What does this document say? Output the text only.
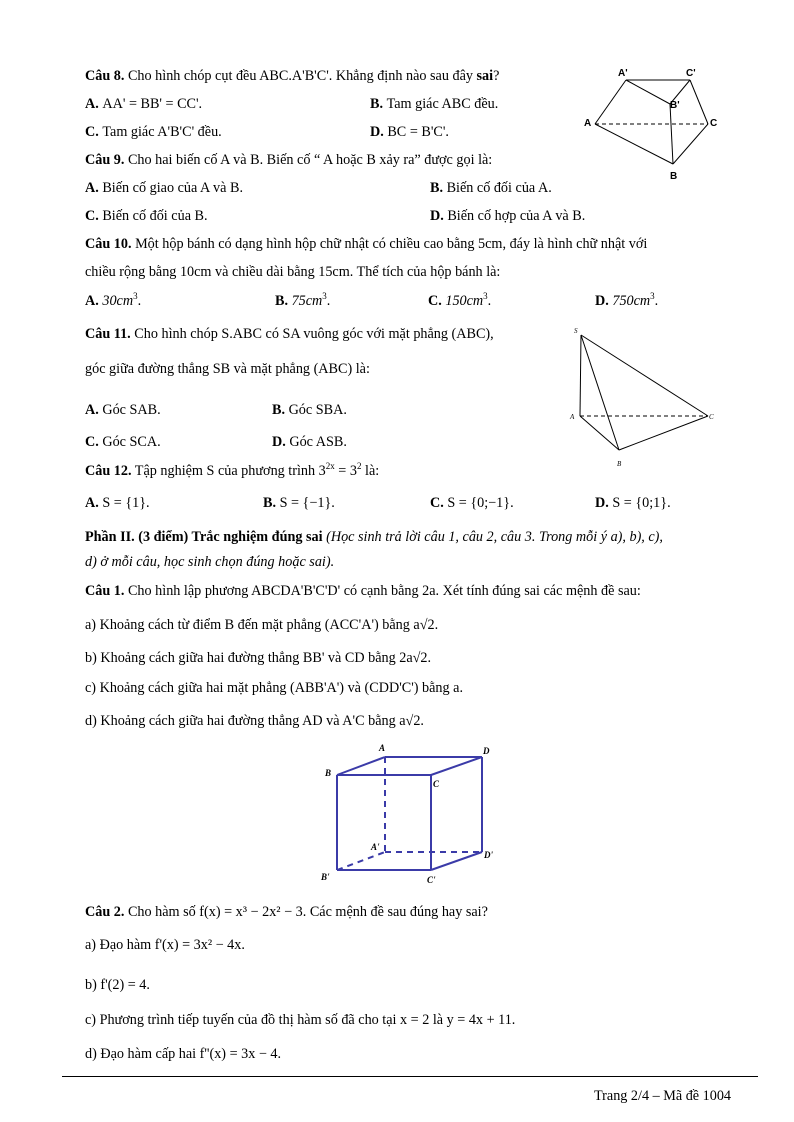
Câu 8. Cho hình chóp cụt đều ABC.A'B'C'. Khẳng định nào sau đây sai?
A. AA' = BB' = CC'.	B. Tam giác ABC đều.
C. Tam giác A'B'C' đều.	D. BC = B'C'.
A'	C'
B'
A	C
B
Câu 9. Cho hai biến cố A và B. Biến cố “ A hoặc B xảy ra” được gọi là:
A. Biến cố giao của A và B.	B. Biến cố đối của A.
C. Biến cố đối của B.	D. Biến cố hợp của A và B.
Câu 10. Một hộp bánh có dạng hình hộp chữ nhật có chiều cao bằng 5cm, đáy là hình chữ nhật với
chiều rộng bằng 10cm và chiều dài bằng 15cm. Thể tích của hộp bánh là:
A. $30cm^3$.	B. $75cm^3$.	C. $150cm^3$.	D. $750cm^3$.
Câu 11. Cho hình chóp S.ABC có SA vuông góc với mặt phẳng (ABC),
góc giữa đường thẳng SB và mặt phẳng (ABC) là:
A. Góc SAB.	B. Góc SBA.
C. Góc SCA.	D. Góc ASB.
S
A	C
B
Câu 12. Tập nghiệm S của phương trình $3^{2x} = 3^2$ là:
A. S = {1}.	B. S = {−1}.	C. S = {0;−1}.	D. S = {0;1}.
Phần II. (3 điểm) Trắc nghiệm đúng sai (Học sinh trả lời câu 1, câu 2, câu 3. Trong mỗi ý a), b), c),
d) ở mỗi câu, học sinh chọn đúng hoặc sai).
Câu 1. Cho hình lập phương ABCDA'B'C'D' có cạnh bằng 2a. Xét tính đúng sai các mệnh đề sau:
a) Khoảng cách từ điểm B đến mặt phẳng (ACC'A') bằng a√2.
b) Khoảng cách giữa hai đường thẳng BB' và CD bằng 2a√2.
c) Khoảng cách giữa hai mặt phẳng (ABB'A') và (CDD'C') bằng a.
d) Khoảng cách giữa hai đường thẳng AD và A'C bằng a√2.
A	D
B
C
A'
D'
B'	C'
Câu 2. Cho hàm số f(x) = x³ − 2x² − 3. Các mệnh đề sau đúng hay sai?
a) Đạo hàm f'(x) = 3x² − 4x.
b) f'(2) = 4.
c) Phương trình tiếp tuyến của đồ thị hàm số đã cho tại x = 2 là y = 4x + 11.
d) Đạo hàm cấp hai f''(x) = 3x − 4.
Trang 2/4 – Mã đề 1004
